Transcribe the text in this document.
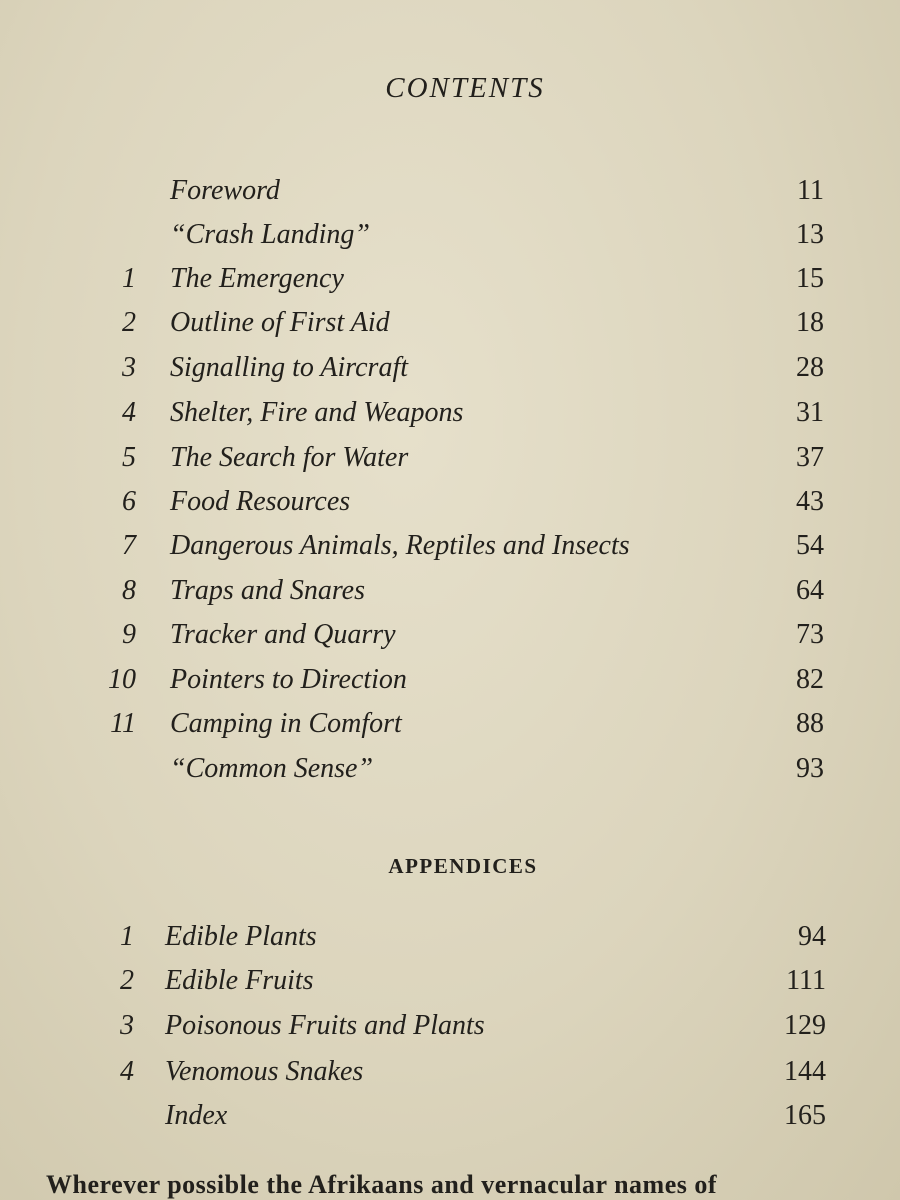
CONTENTS
Foreword	11
“Crash Landing”	13
1 The Emergency	15
2 Outline of First Aid	18
3 Signalling to Aircraft	28
4 Shelter, Fire and Weapons	31
5 The Search for Water	37
6 Food Resources	43
7 Dangerous Animals, Reptiles and Insects	54
8 Traps and Snares	64
9 Tracker and Quarry	73
10 Pointers to Direction	82
11 Camping in Comfort	88
“Common Sense”	93
APPENDICES
1 Edible Plants	94
2 Edible Fruits	111
3 Poisonous Fruits and Plants	129
4 Venomous Snakes	144
Index	165
Wherever possible the Afrikaans and vernacular names of
